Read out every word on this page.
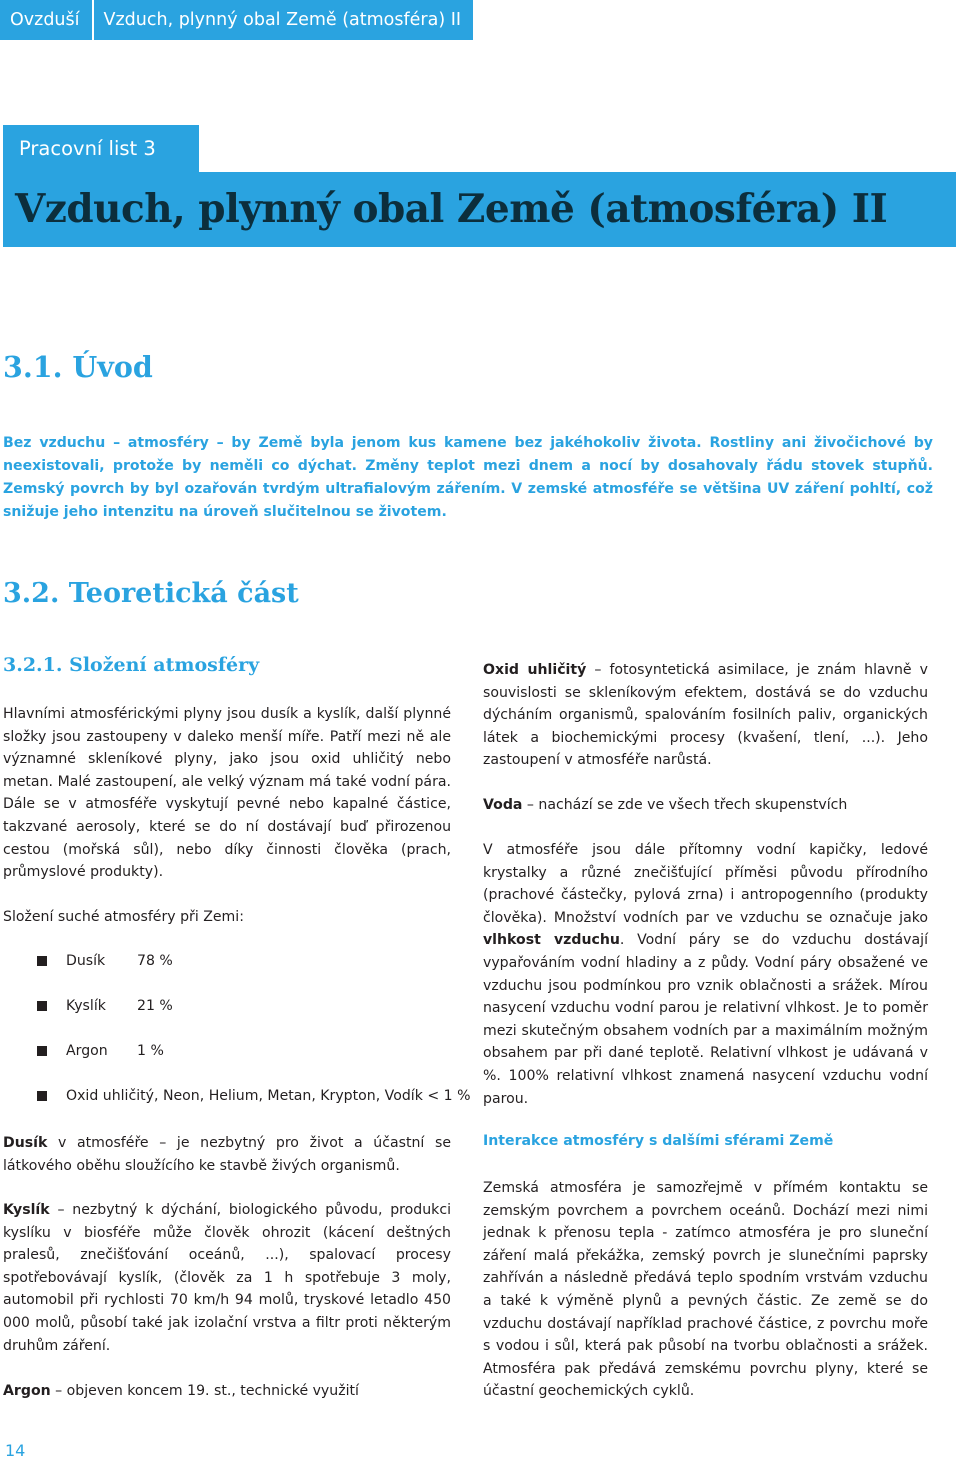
Ovzduší	Vzduch, plynný obal Země (atmosféra) II
Pracovní list 3
Vzduch, plynný obal Země (atmosféra) II
3.1. Úvod

Bez vzduchu – atmosféry – by Země byla jenom kus kamene bez jakéhokoliv života. Rostliny ani živočichové by neexistovali, protože by neměli co dýchat. Změny teplot mezi dnem a nocí by dosahovaly řádu stovek stupňů. Zemský povrch by byl ozařován tvrdým ultrafialovým zářením. V zemské atmosféře se většina UV záření pohltí, což snižuje jeho intenzitu na úroveň slučitelnou se životem.

3.2. Teoretická část
3.2.1. Složení atmosféry

Hlavními atmosférickými plyny jsou dusík a kyslík, další plynné složky jsou zastoupeny v daleko menší míře. Patří mezi ně ale významné skleníkové plyny, jako jsou oxid uhličitý nebo metan. Malé zastoupení, ale velký význam má také vodní pára. Dále se v atmosféře vyskytují pevné nebo kapalné částice, takzvané aerosoly, které se do ní dostávají buď přirozenou cestou (mořská sůl), nebo díky činnosti člověka (prach, průmyslové produkty).

Složení suché atmosféry při Zemi:

Dusík	78 %
Kyslík	21 %
Argon	1 %
Oxid uhličitý, Neon, Helium, Metan, Krypton, Vodík < 1 %

Dusík v atmosféře – je nezbytný pro život a účastní se látkového oběhu sloužícího ke stavbě živých organismů.

Kyslík – nezbytný k dýchání, biologického původu, produkci kyslíku v biosféře může člověk ohrozit (kácení deštných pralesů, znečišťování oceánů, ...), spalovací procesy spotřebovávají kyslík, (člověk za 1 h spotřebuje 3 moly, automobil při rychlosti 70 km/h 94 molů, tryskové letadlo 450 000 molů, působí také jak izolační vrstva a filtr proti některým druhům záření.

Argon – objeven koncem 19. st., technické využití

Oxid uhličitý – fotosyntetická asimilace, je znám hlavně v souvislosti se skleníkovým efektem, dostává se do vzduchu dýcháním organismů, spalováním fosilních paliv, organických látek a biochemickými procesy (kvašení, tlení, ...). Jeho zastoupení v atmosféře narůstá.

Voda – nachází se zde ve všech třech skupenstvích

V atmosféře jsou dále přítomny vodní kapičky, ledové krystalky a různé znečišťující příměsi původu přírodního (prachové částečky, pylová zrna) i antropogenního (produkty člověka). Množství vodních par ve vzduchu se označuje jako vlhkost vzduchu. Vodní páry se do vzduchu dostávají vypařováním vodní hladiny a z půdy. Vodní páry obsažené ve vzduchu jsou podmínkou pro vznik oblačnosti a srážek. Mírou nasycení vzduchu vodní parou je relativní vlhkost. Je to poměr mezi skutečným obsahem vodních par a maximálním možným obsahem par při dané teplotě. Relativní vlhkost je udávaná v %. 100% relativní vlhkost znamená nasycení vzduchu vodní parou.

Interakce atmosféry s dalšími sférami Země

Zemská atmosféra je samozřejmě v přímém kontaktu se zemským povrchem a povrchem oceánů. Dochází mezi nimi jednak k přenosu tepla - zatímco atmosféra je pro sluneční záření malá překážka, zemský povrch je slunečními paprsky zahříván a následně předává teplo spodním vrstvám vzduchu a také k výměně plynů a pevných částic. Ze země se do vzduchu dostávají například prachové částice, z povrchu moře s vodou i sůl, která pak působí na tvorbu oblačnosti a srážek. Atmosféra pak předává zemskému povrchu plyny, které se účastní geochemických cyklů.

14
